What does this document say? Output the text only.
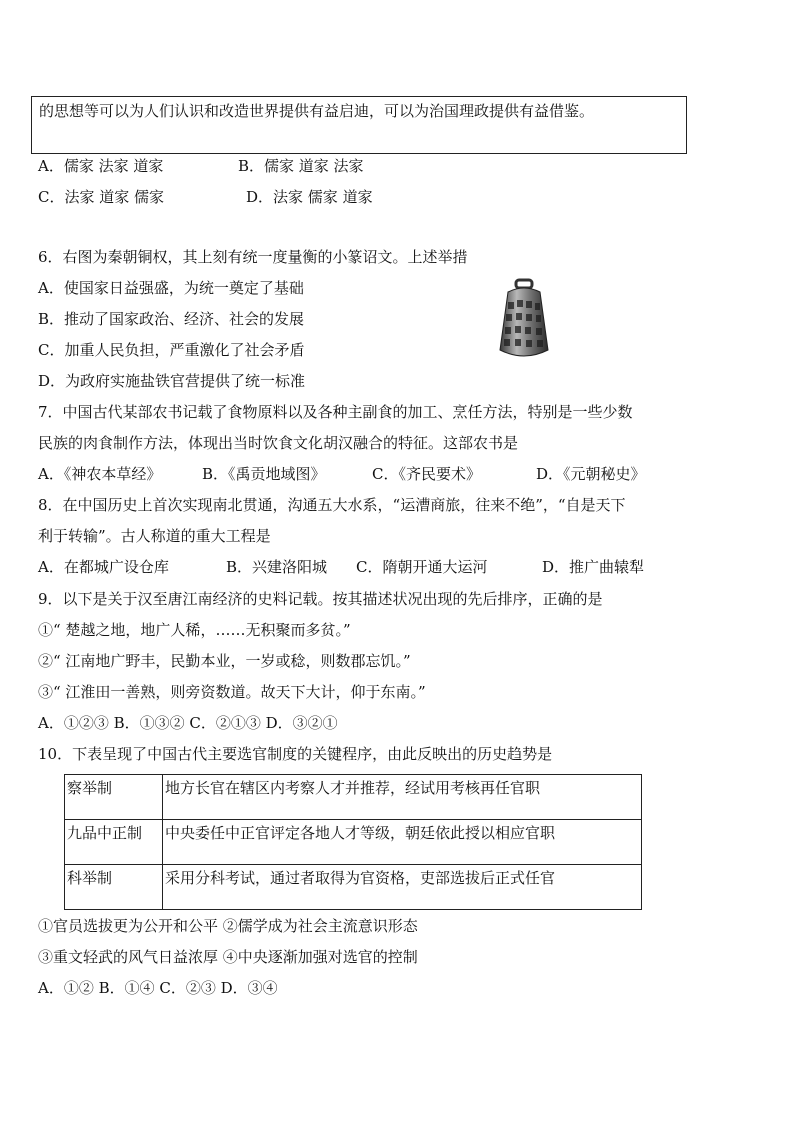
的思想等可以为人们认识和改造世界提供有益启迪，可以为治国理政提供有益借鉴。
A．儒家 法家 道家	B．儒家 道家 法家
C．法家 道家 儒家	D．法家 儒家 道家
6．右图为秦朝铜权，其上刻有统一度量衡的小篆诏文。上述举措
A．使国家日益强盛，为统一奠定了基础
B．推动了国家政治、经济、社会的发展
C．加重人民负担，严重激化了社会矛盾
D．为政府实施盐铁官营提供了统一标准
7．中国古代某部农书记载了食物原料以及各种主副食的加工、烹任方法，特别是一些少数
民族的肉食制作方法，体现出当时饮食文化胡汉融合的特征。这部农书是
A．《神农本草经》	B．《禹贡地域图》	C．《齐民要术》	D．《元朝秘史》
8．在中国历史上首次实现南北贯通，沟通五大水系，“运漕商旅，往来不绝”，“自是天下
利于转输”。古人称道的重大工程是
A．在都城广设仓库	B．兴建洛阳城 C．隋朝开通大运河	D．推广曲辕犁
9．以下是关于汉至唐江南经济的史料记载。按其描述状况出现的先后排序，正确的是
①“ 楚越之地，地广人稀，……无积聚而多贫。”
②“ 江南地广野丰，民勤本业，一岁或稔，则数郡忘饥。”
③“ 江淮田一善熟，则旁资数道。故天下大计，仰于东南。”
A．①②③ B．①③② C．②①③ D．③②①
10．下表呈现了中国古代主要选官制度的关键程序，由此反映出的历史趋势是
察举制	地方长官在辖区内考察人才并推荐，经试用考核再任官职
九品中正制	中央委任中正官评定各地人才等级，朝廷依此授以相应官职
科举制	采用分科考试，通过者取得为官资格，吏部选拔后正式任官
①官员选拔更为公开和公平 ②儒学成为社会主流意识形态
③重文轻武的风气日益浓厚 ④中央逐渐加强对选官的控制
A．①② B．①④ C．②③ D．③④
